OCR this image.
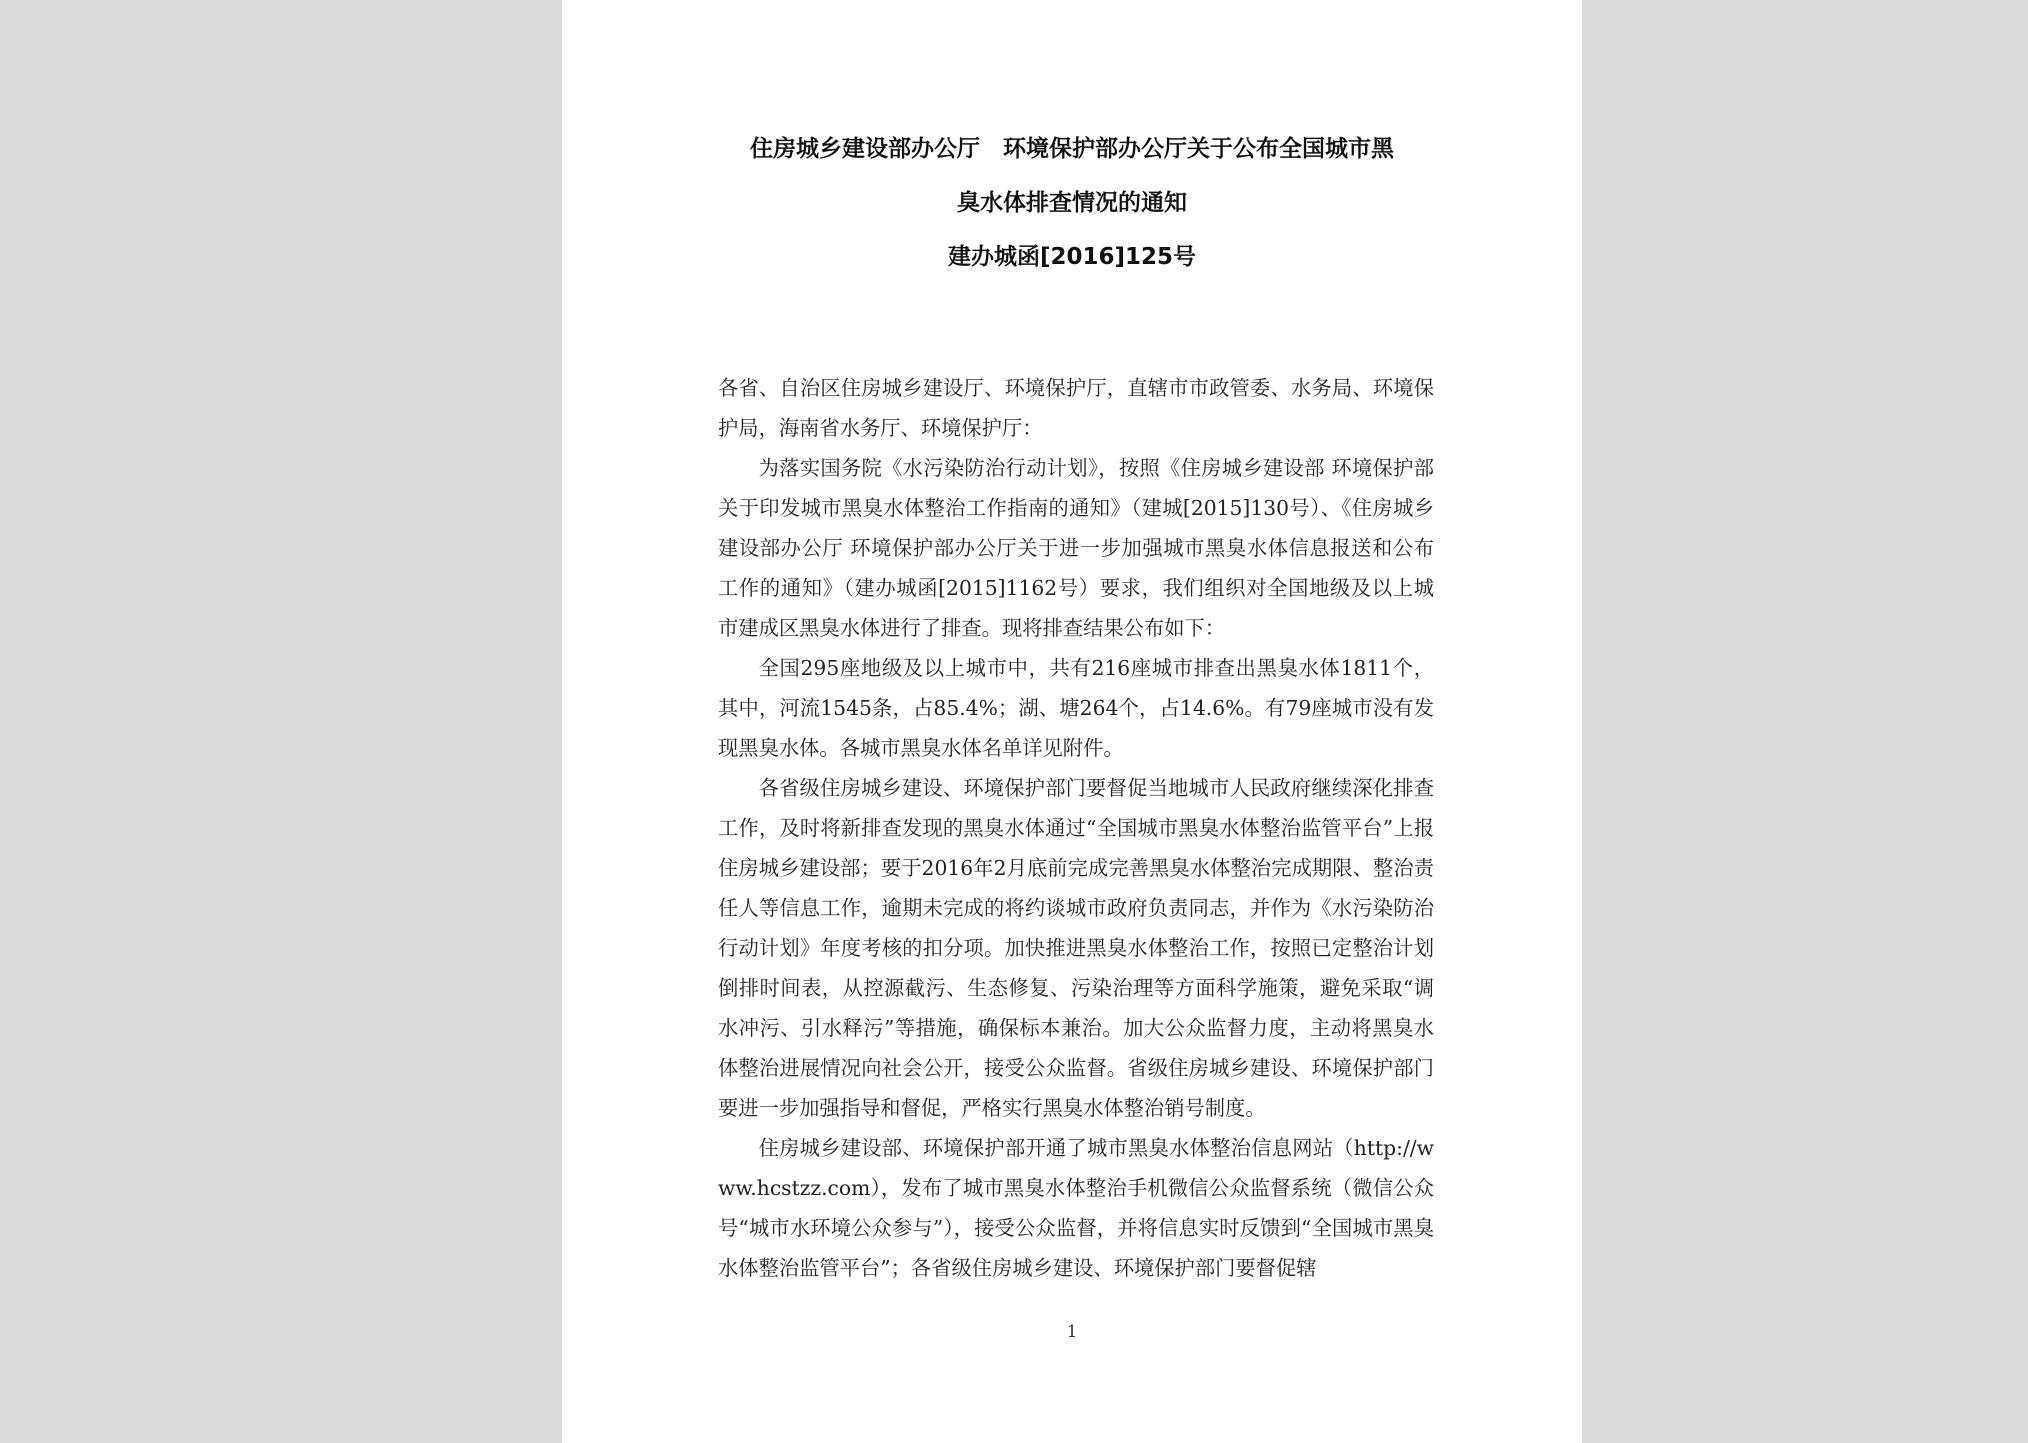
住房城乡建设部办公厅　环境保护部办公厅关于公布全国城市黑
臭水体排查情况的通知
建办城函[2016]125号

各省、自治区住房城乡建设厅、环境保护厅，直辖市市政管委、水务局、环境保护局，海南省水务厅、环境保护厅：

为落实国务院《水污染防治行动计划》，按照《住房城乡建设部 环境保护部关于印发城市黑臭水体整治工作指南的通知》（建城[2015]130号）、《住房城乡建设部办公厅 环境保护部办公厅关于进一步加强城市黑臭水体信息报送和公布工作的通知》（建办城函[2015]1162号）要求，我们组织对全国地级及以上城市建成区黑臭水体进行了排查。现将排查结果公布如下：

全国295座地级及以上城市中，共有216座城市排查出黑臭水体1811个，其中，河流1545条，占85.4%；湖、塘264个，占14.6%。有79座城市没有发现黑臭水体。各城市黑臭水体名单详见附件。

各省级住房城乡建设、环境保护部门要督促当地城市人民政府继续深化排查工作，及时将新排查发现的黑臭水体通过“全国城市黑臭水体整治监管平台”上报住房城乡建设部；要于2016年2月底前完成完善黑臭水体整治完成期限、整治责任人等信息工作，逾期未完成的将约谈城市政府负责同志，并作为《水污染防治行动计划》年度考核的扣分项。加快推进黑臭水体整治工作，按照已定整治计划倒排时间表，从控源截污、生态修复、污染治理等方面科学施策，避免采取“调水冲污、引水释污”等措施，确保标本兼治。加大公众监督力度，主动将黑臭水体整治进展情况向社会公开，接受公众监督。省级住房城乡建设、环境保护部门要进一步加强指导和督促，严格实行黑臭水体整治销号制度。

住房城乡建设部、环境保护部开通了城市黑臭水体整治信息网站（http://www.hcstzz.com），发布了城市黑臭水体整治手机微信公众监督系统（微信公众号“城市水环境公众参与”），接受公众监督，并将信息实时反馈到“全国城市黑臭水体整治监管平台”；各省级住房城乡建设、环境保护部门要督促辖

1
